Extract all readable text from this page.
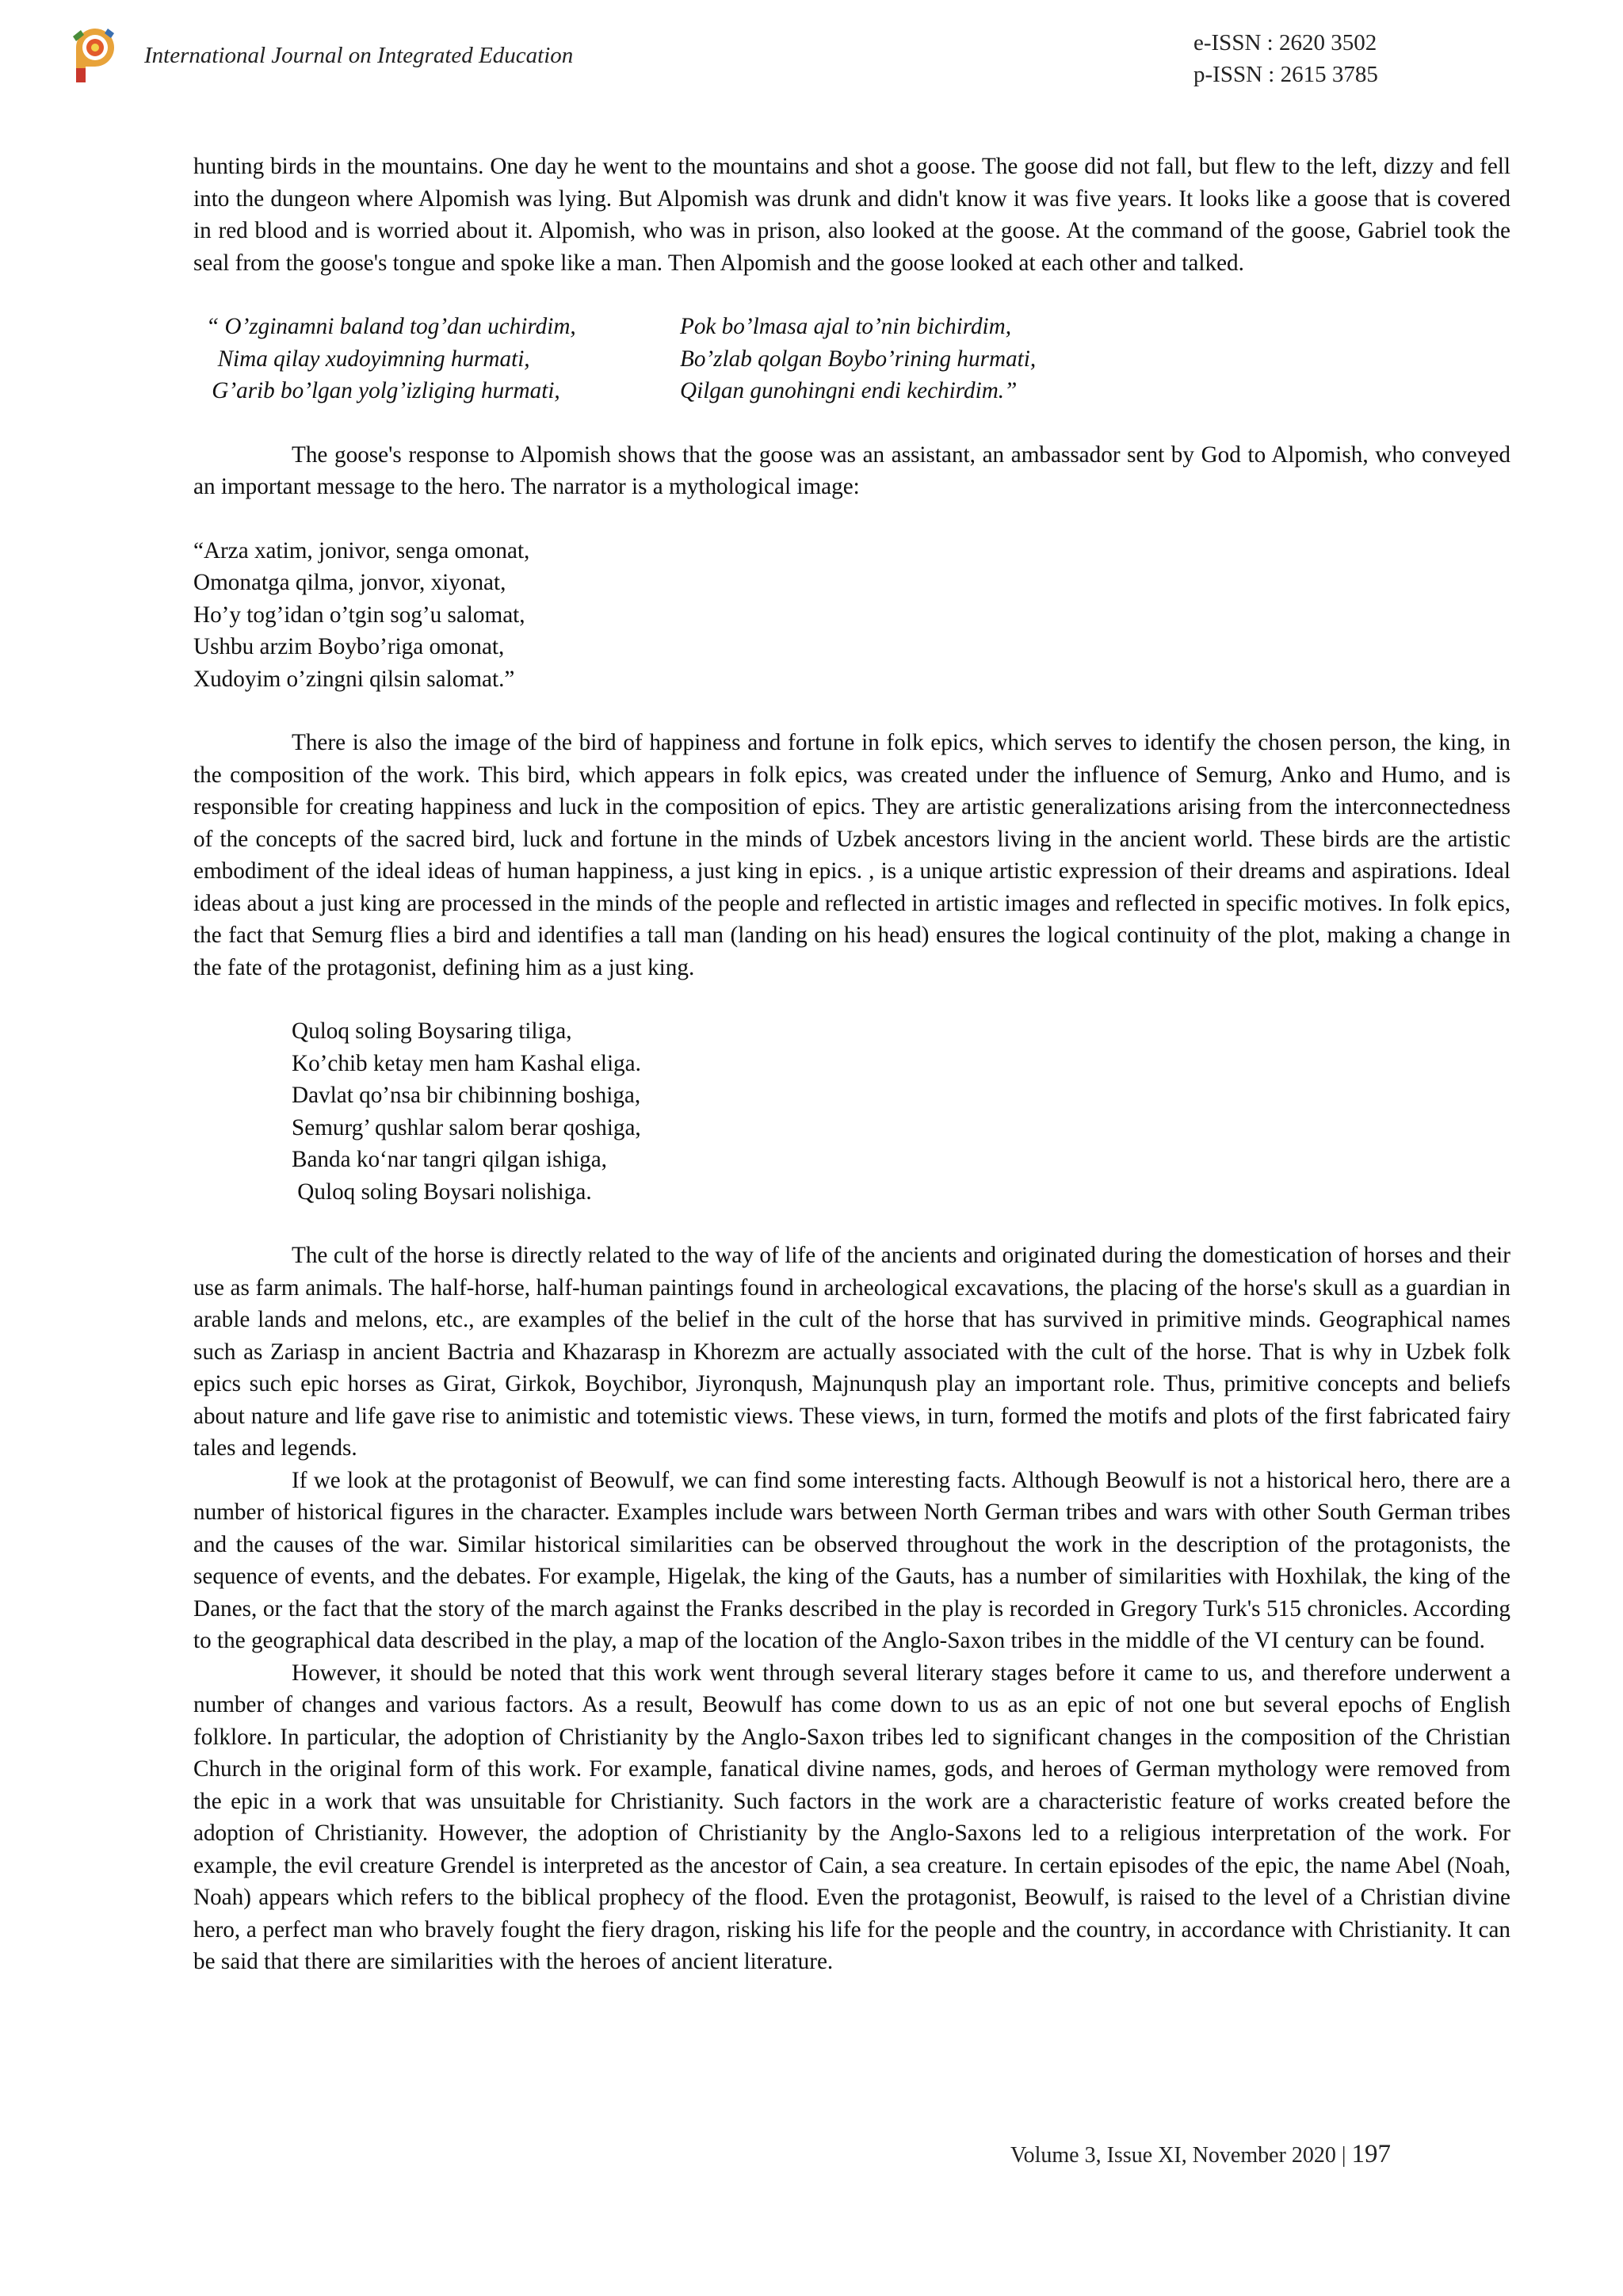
International Journal on Integrated Education	e-ISSN : 2620 3502
p-ISSN : 2615 3785

hunting birds in the mountains. One day he went to the mountains and shot a goose. The goose did not fall, but flew to the left, dizzy and fell into the dungeon where Alpomish was lying. But Alpomish was drunk and didn't know it was five years. It looks like a goose that is covered in red blood and is worried about it. Alpomish, who was in prison, also looked at the goose. At the command of the goose, Gabriel took the seal from the goose's tongue and spoke like a man. Then Alpomish and the goose looked at each other and talked.

“ O’zginamni baland tog’dan uchirdim,	Pok bo’lmasa ajal to’nin bichirdim,
Nima qilay xudoyimning hurmati,	Bo’zlab qolgan Boybo’rining hurmati,
G’arib bo’lgan yolg’izliging hurmati,	Qilgan gunohingni endi kechirdim.”

The goose's response to Alpomish shows that the goose was an assistant, an ambassador sent by God to Alpomish, who conveyed an important message to the hero. The narrator is a mythological image:

“Arza xatim, jonivor, senga omonat,
Omonatga qilma, jonvor, xiyonat,
Ho’y tog’idan o’tgin sog’u salomat,
Ushbu arzim Boybo’riga omonat,
Xudoyim o’zingni qilsin salomat.”

There is also the image of the bird of happiness and fortune in folk epics, which serves to identify the chosen person, the king, in the composition of the work. This bird, which appears in folk epics, was created under the influence of Semurg, Anko and Humo, and is responsible for creating happiness and luck in the composition of epics. They are artistic generalizations arising from the interconnectedness of the concepts of the sacred bird, luck and fortune in the minds of Uzbek ancestors living in the ancient world. These birds are the artistic embodiment of the ideal ideas of human happiness, a just king in epics. , is a unique artistic expression of their dreams and aspirations. Ideal ideas about a just king are processed in the minds of the people and reflected in artistic images and reflected in specific motives. In folk epics, the fact that Semurg flies a bird and identifies a tall man (landing on his head) ensures the logical continuity of the plot, making a change in the fate of the protagonist, defining him as a just king.

Quloq soling Boysaring tiliga,
Ko’chib ketay men ham Kashal eliga.
Davlat qo’nsa bir chibinning boshiga,
Semurg’ qushlar salom berar qoshiga,
Banda ko‘nar tangri qilgan ishiga,
Quloq soling Boysari nolishiga.

The cult of the horse is directly related to the way of life of the ancients and originated during the domestication of horses and their use as farm animals. The half-horse, half-human paintings found in archeological excavations, the placing of the horse's skull as a guardian in arable lands and melons, etc., are examples of the belief in the cult of the horse that has survived in primitive minds. Geographical names such as Zariasp in ancient Bactria and Khazarasp in Khorezm are actually associated with the cult of the horse. That is why in Uzbek folk epics such epic horses as Girat, Girkok, Boychibor, Jiyronqush, Majnunqush play an important role. Thus, primitive concepts and beliefs about nature and life gave rise to animistic and totemistic views. These views, in turn, formed the motifs and plots of the first fabricated fairy tales and legends.

If we look at the protagonist of Beowulf, we can find some interesting facts. Although Beowulf is not a historical hero, there are a number of historical figures in the character. Examples include wars between North German tribes and wars with other South German tribes and the causes of the war. Similar historical similarities can be observed throughout the work in the description of the protagonists, the sequence of events, and the debates. For example, Higelak, the king of the Gauts, has a number of similarities with Hoxhilak, the king of the Danes, or the fact that the story of the march against the Franks described in the play is recorded in Gregory Turk's 515 chronicles. According to the geographical data described in the play, a map of the location of the Anglo-Saxon tribes in the middle of the VI century can be found.

However, it should be noted that this work went through several literary stages before it came to us, and therefore underwent a number of changes and various factors. As a result, Beowulf has come down to us as an epic of not one but several epochs of English folklore. In particular, the adoption of Christianity by the Anglo-Saxon tribes led to significant changes in the composition of the Christian Church in the original form of this work. For example, fanatical divine names, gods, and heroes of German mythology were removed from the epic in a work that was unsuitable for Christianity. Such factors in the work are a characteristic feature of works created before the adoption of Christianity. However, the adoption of Christianity by the Anglo-Saxons led to a religious interpretation of the work. For example, the evil creature Grendel is interpreted as the ancestor of Cain, a sea creature. In certain episodes of the epic, the name Abel (Noah, Noah) appears which refers to the biblical prophecy of the flood. Even the protagonist, Beowulf, is raised to the level of a Christian divine hero, a perfect man who bravely fought the fiery dragon, risking his life for the people and the country, in accordance with Christianity. It can be said that there are similarities with the heroes of ancient literature.

Volume 3, Issue XI, November 2020 | 197
